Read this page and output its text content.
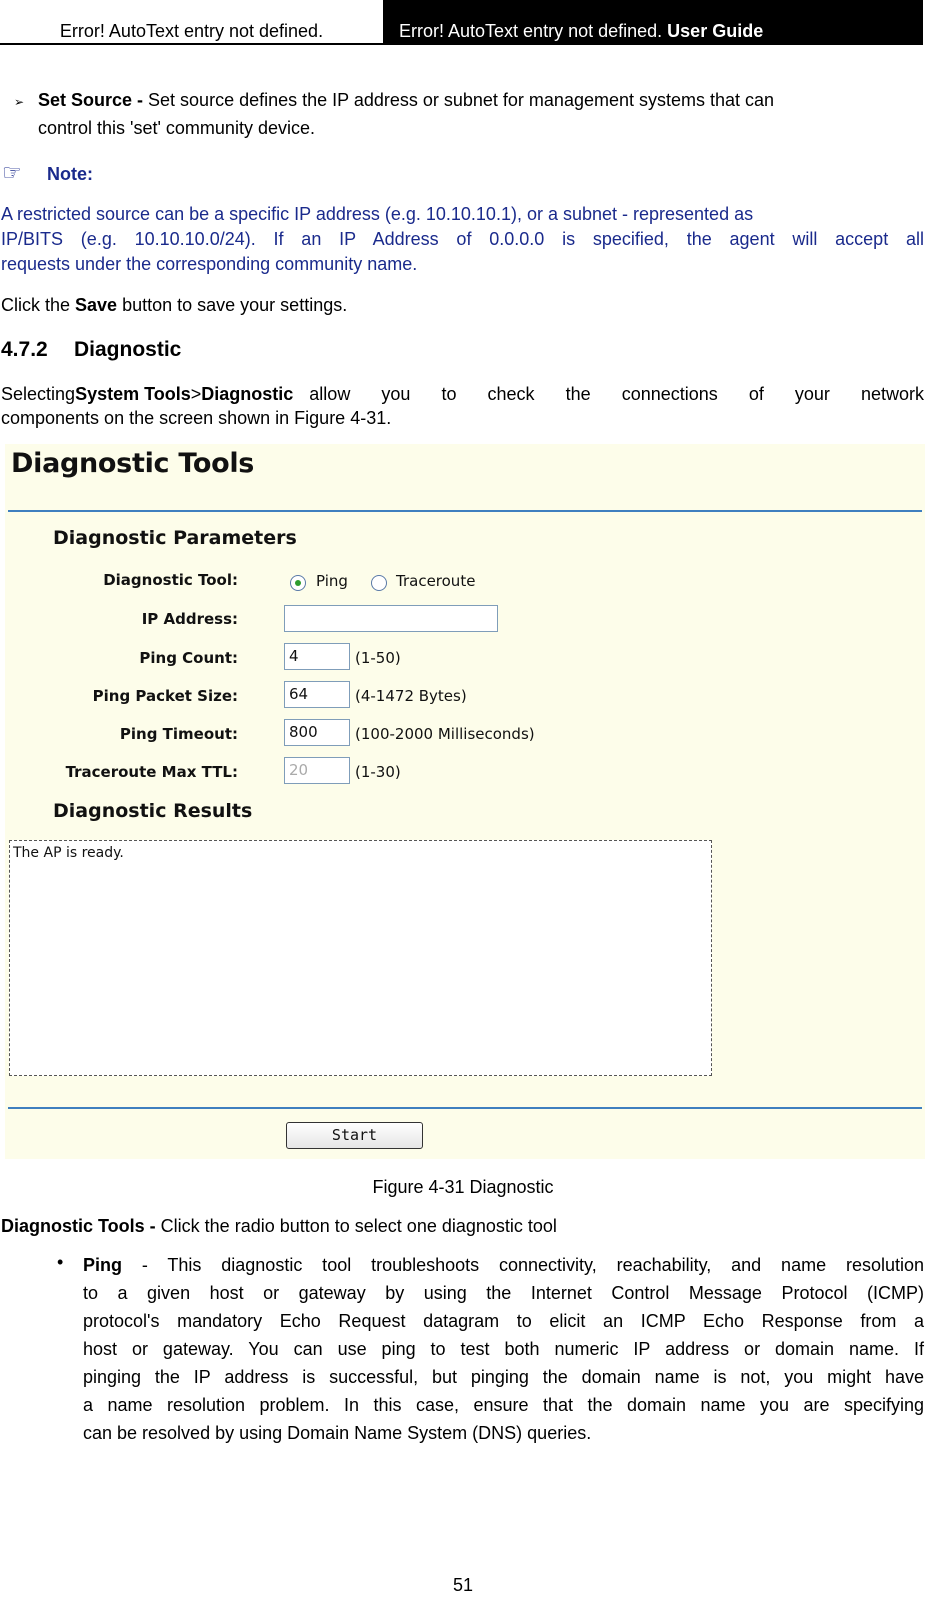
Error! AutoText entry not defined.	Error! AutoText entry not defined. User Guide
➢ Set Source - Set source defines the IP address or subnet for management systems that can
control this 'set' community device.
☞ Note:
A restricted source can be a specific IP address (e.g. 10.10.10.1), or a subnet - represented as
IP/BITS (e.g. 10.10.10.0/24). If an IP Address of 0.0.0.0 is specified, the agent will accept all
requests under the corresponding community name.
Click the Save button to save your settings.
4.7.2 Diagnostic
Selecting System Tools > Diagnostic allow you to check the connections of your network
components on the screen shown in Figure 4-31.
Diagnostic Tools
Diagnostic Parameters
Diagnostic Tool:	Ping	Traceroute
IP Address:
Ping Count:	4	(1-50)
Ping Packet Size:	64	(4-1472 Bytes)
Ping Timeout:	800	(100-2000 Milliseconds)
Traceroute Max TTL:	20	(1-30)
Diagnostic Results
The AP is ready.
Start
Figure 4-31 Diagnostic
Diagnostic Tools - Click the radio button to select one diagnostic tool
• Ping - This diagnostic tool troubleshoots connectivity, reachability, and name resolution
to a given host or gateway by using the Internet Control Message Protocol (ICMP)
protocol's mandatory Echo Request datagram to elicit an ICMP Echo Response from a
host or gateway. You can use ping to test both numeric IP address or domain name. If
pinging the IP address is successful, but pinging the domain name is not, you might have
a name resolution problem. In this case, ensure that the domain name you are specifying
can be resolved by using Domain Name System (DNS) queries.
51
